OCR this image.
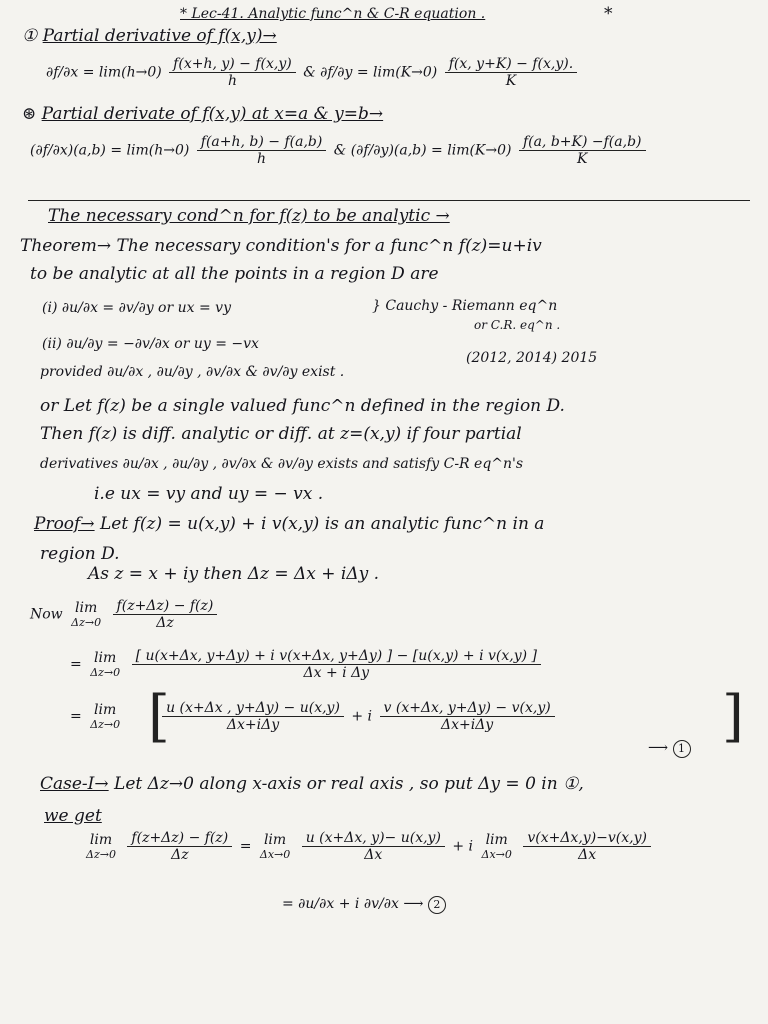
* Lec-41. Analytic func^n & C-R equation .	*
① Partial derivative of f(x,y)→
$\partial f/\partial x = \lim(h\to 0) \frac{f(x+h, y) - f(x,y)}{h}$ & $\partial f/\partial y = \lim(K\to 0) \frac{f(x, y+K) - f(x,y).}{K}$
⊛ Partial derivate of f(x,y) at x=a & y=b→
$(\partial f/\partial x)(a,b) = \lim(h\to 0) \frac{f(a+h, b) - f(a,b)}{h}$ & $(\partial f/\partial y)(a,b) = \lim(K\to 0) \frac{f(a, b+K) -f(a,b)}{K}$
The necessary cond^n for f(z) to be analytic →
Theorem→ The necessary condition's for a func^n f(z)=u+iv
to be analytic at all the points in a region D are
(i) ∂u/∂x = ∂v/∂y or ux = vy
(ii) ∂u/∂y = −∂v/∂x or uy = −vx
} Cauchy - Riemann eq^n
or C.R. eq^n .
provided ∂u/∂x , ∂u/∂y , ∂v/∂x & ∂v/∂y exist .
(2012, 2014) 2015
or Let f(z) be a single valued func^n defined in the region D.
Then f(z) is diff. analytic or diff. at z=(x,y) if four partial
derivatives ∂u/∂x , ∂u/∂y , ∂v/∂x & ∂v/∂y exists and satisfy C-R eq^n's
i.e ux = vy and uy = − vx .
Proof→ Let f(z) = u(x,y) + i v(x,y) is an analytic func^n in a
region D.
As z = x + iy then Δz = Δx + iΔy .
Now lim
Δz→0
$\frac{f(z+\Delta z) - f(z)}{\Delta z}$
= lim
Δz→0
$\frac{\text{[ u(x+Δx, y+Δy) + i v(x+Δx, y+Δy) ] − [u(x,y) + i v(x,y) ]}}{\text{Δx + i Δy}}$
[
= lim
Δz→0
	$\frac{u (x+\Delta x , y+\Delta y) - u(x,y)}{\text{Δx+iΔy}} + i \frac{v (x+\Delta x, y+\Delta y) - v(x,y)}{\text{Δx+iΔy}}$	]
⟶ 1
Case-I→ Let Δz→0 along x-axis or real axis , so put Δy = 0 in ①,
we get
lim
Δz→0
$\frac{f(z+\Delta z) - f(z)}{\Delta z} = \lim$
Δx→0
$\frac{u (x+\Delta x, y)- u(x,y)}{\Delta x} + i$ lim
Δx→0
$\frac{v(x+\Delta x,y)-v(x,y)}{\Delta x}$
= ∂u/∂x + i ∂v/∂x ⟶ 2
